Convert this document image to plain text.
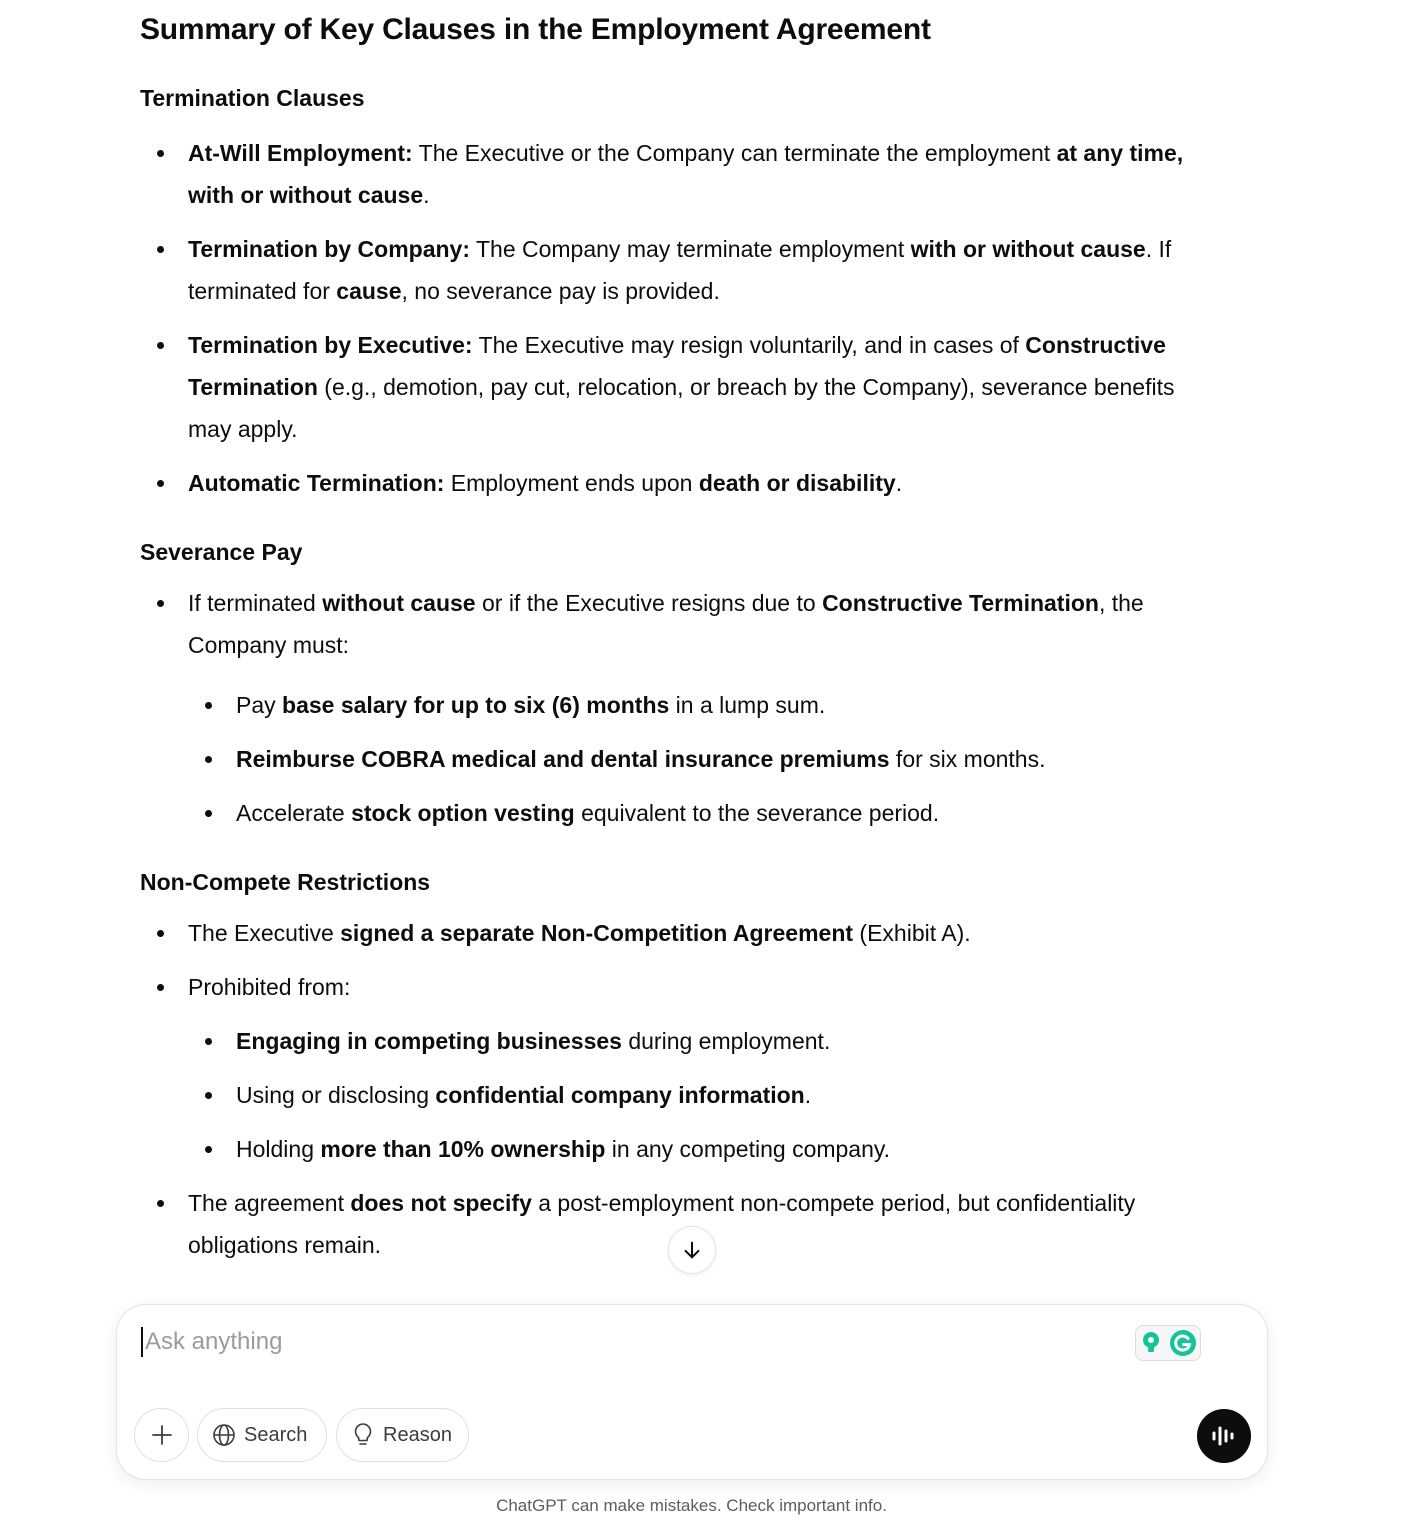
Summary of Key Clauses in the Employment Agreement
Termination Clauses
At-Will Employment: The Executive or the Company can terminate the employment at any time,
with or without cause.
Termination by Company: The Company may terminate employment with or without cause. If
terminated for cause, no severance pay is provided.
Termination by Executive: The Executive may resign voluntarily, and in cases of Constructive
Termination (e.g., demotion, pay cut, relocation, or breach by the Company), severance benefits
may apply.
Automatic Termination: Employment ends upon death or disability.
Severance Pay
If terminated without cause or if the Executive resigns due to Constructive Termination, the
Company must:
Pay base salary for up to six (6) months in a lump sum.
Reimburse COBRA medical and dental insurance premiums for six months.
Accelerate stock option vesting equivalent to the severance period.
Non-Compete Restrictions
The Executive signed a separate Non-Competition Agreement (Exhibit A).
Prohibited from:
Engaging in competing businesses during employment.
Using or disclosing confidential company information.
Holding more than 10% ownership in any competing company.
The agreement does not specify a post-employment non-compete period, but confidentiality
obligations remain.
Ask anything
Search	Reason
ChatGPT can make mistakes. Check important info.
